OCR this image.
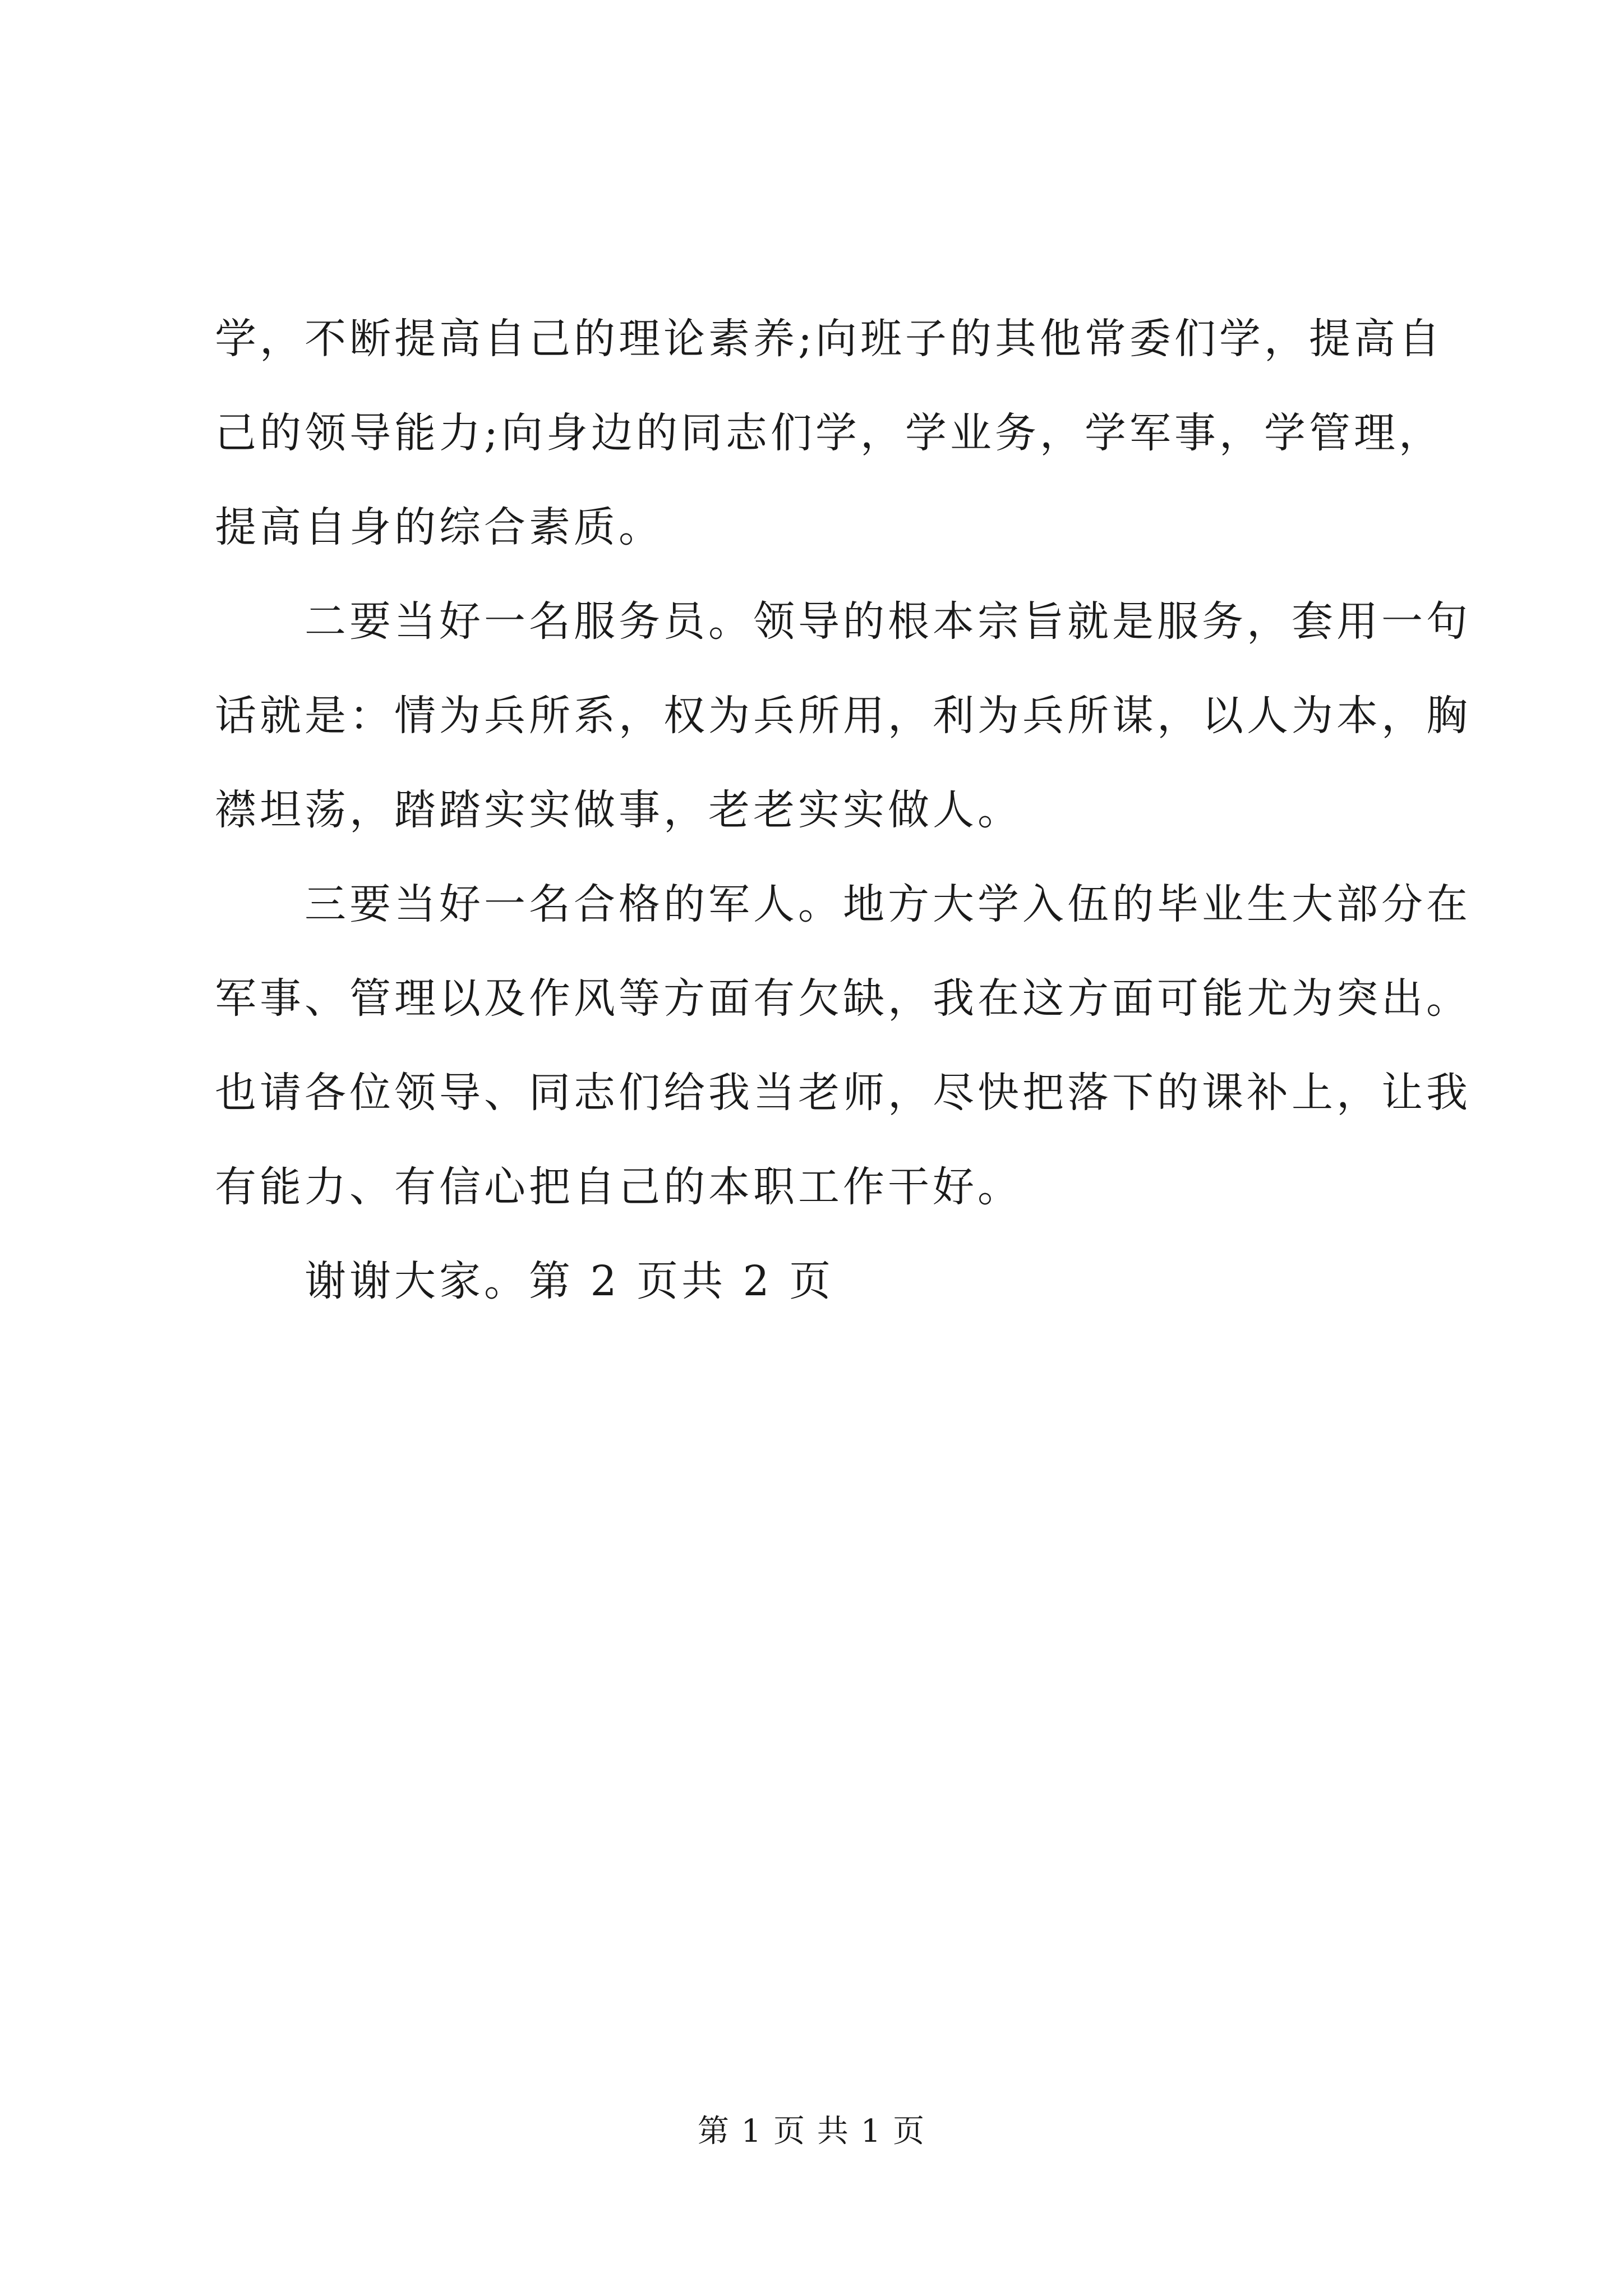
学，不断提高自己的理论素养;向班子的其他常委们学，提高自
己的领导能力;向身边的同志们学，学业务，学军事，学管理，
提高自身的综合素质。
二要当好一名服务员。领导的根本宗旨就是服务，套用一句
话就是：情为兵所系，权为兵所用，利为兵所谋，以人为本，胸
襟坦荡，踏踏实实做事，老老实实做人。
三要当好一名合格的军人。地方大学入伍的毕业生大部分在
军事、管理以及作风等方面有欠缺，我在这方面可能尤为突出。
也请各位领导、同志们给我当老师，尽快把落下的课补上，让我
有能力、有信心把自己的本职工作干好。
谢谢大家。第 2 页共 2 页
第 1 页 共 1 页
